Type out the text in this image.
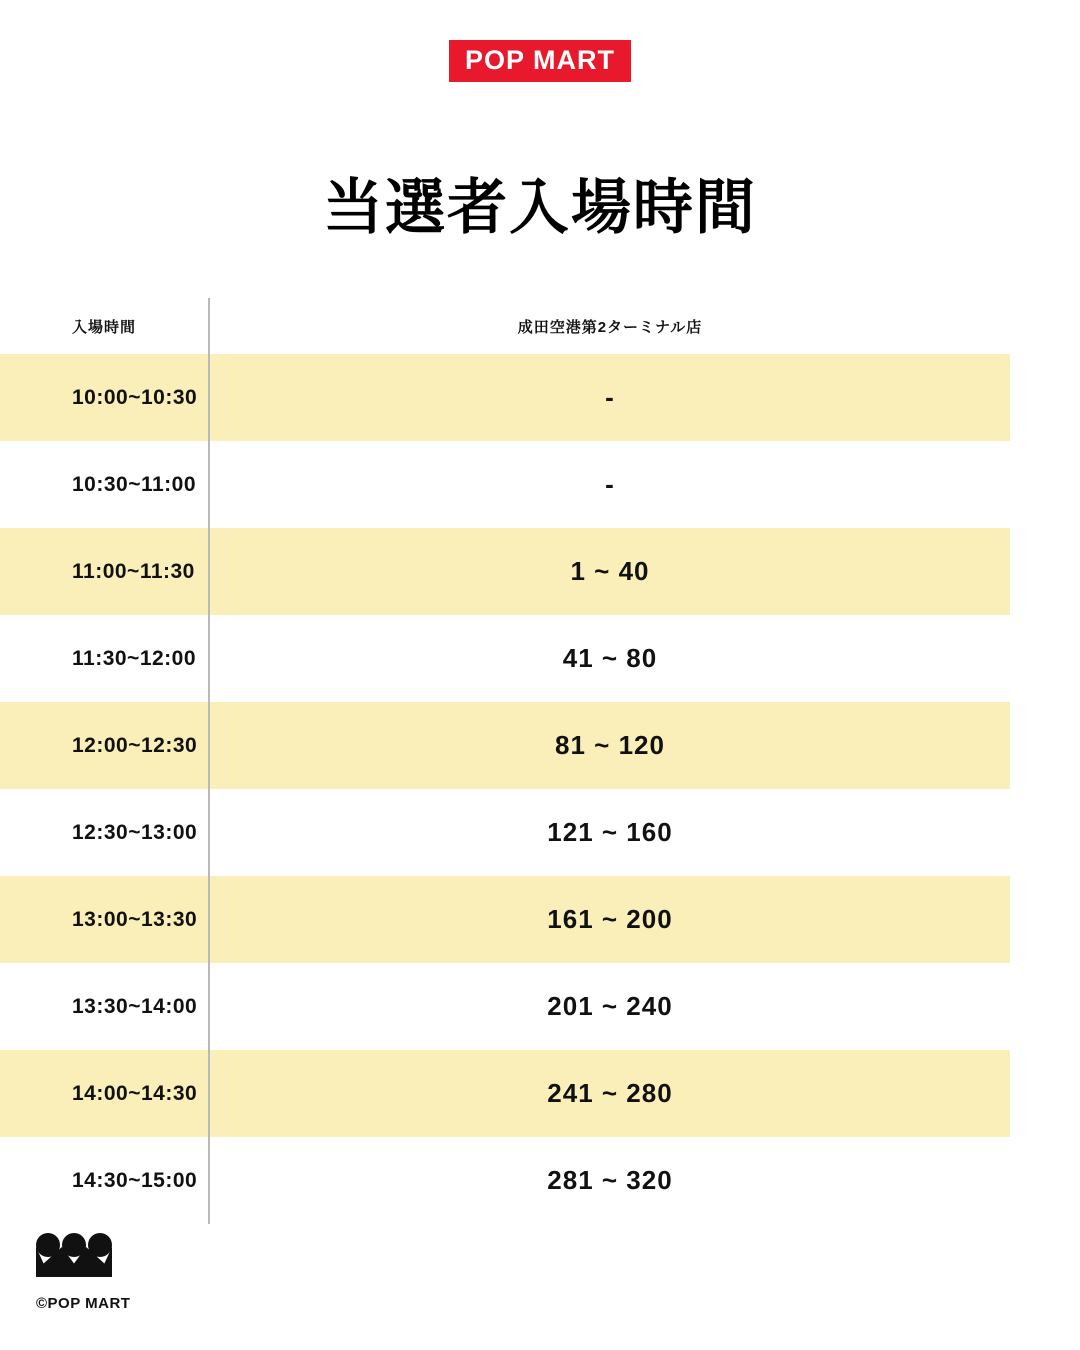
POP MART
当選者入場時間
入場時間	成田空港第2ターミナル店
10:00~10:30	-
10:30~11:00	-
11:00~11:30	1 ~ 40
11:30~12:00	41 ~ 80
12:00~12:30	81 ~ 120
12:30~13:00	121 ~ 160
13:00~13:30	161 ~ 200
13:30~14:00	201 ~ 240
14:00~14:30	241 ~ 280
14:30~15:00	281 ~ 320
©POP MART
